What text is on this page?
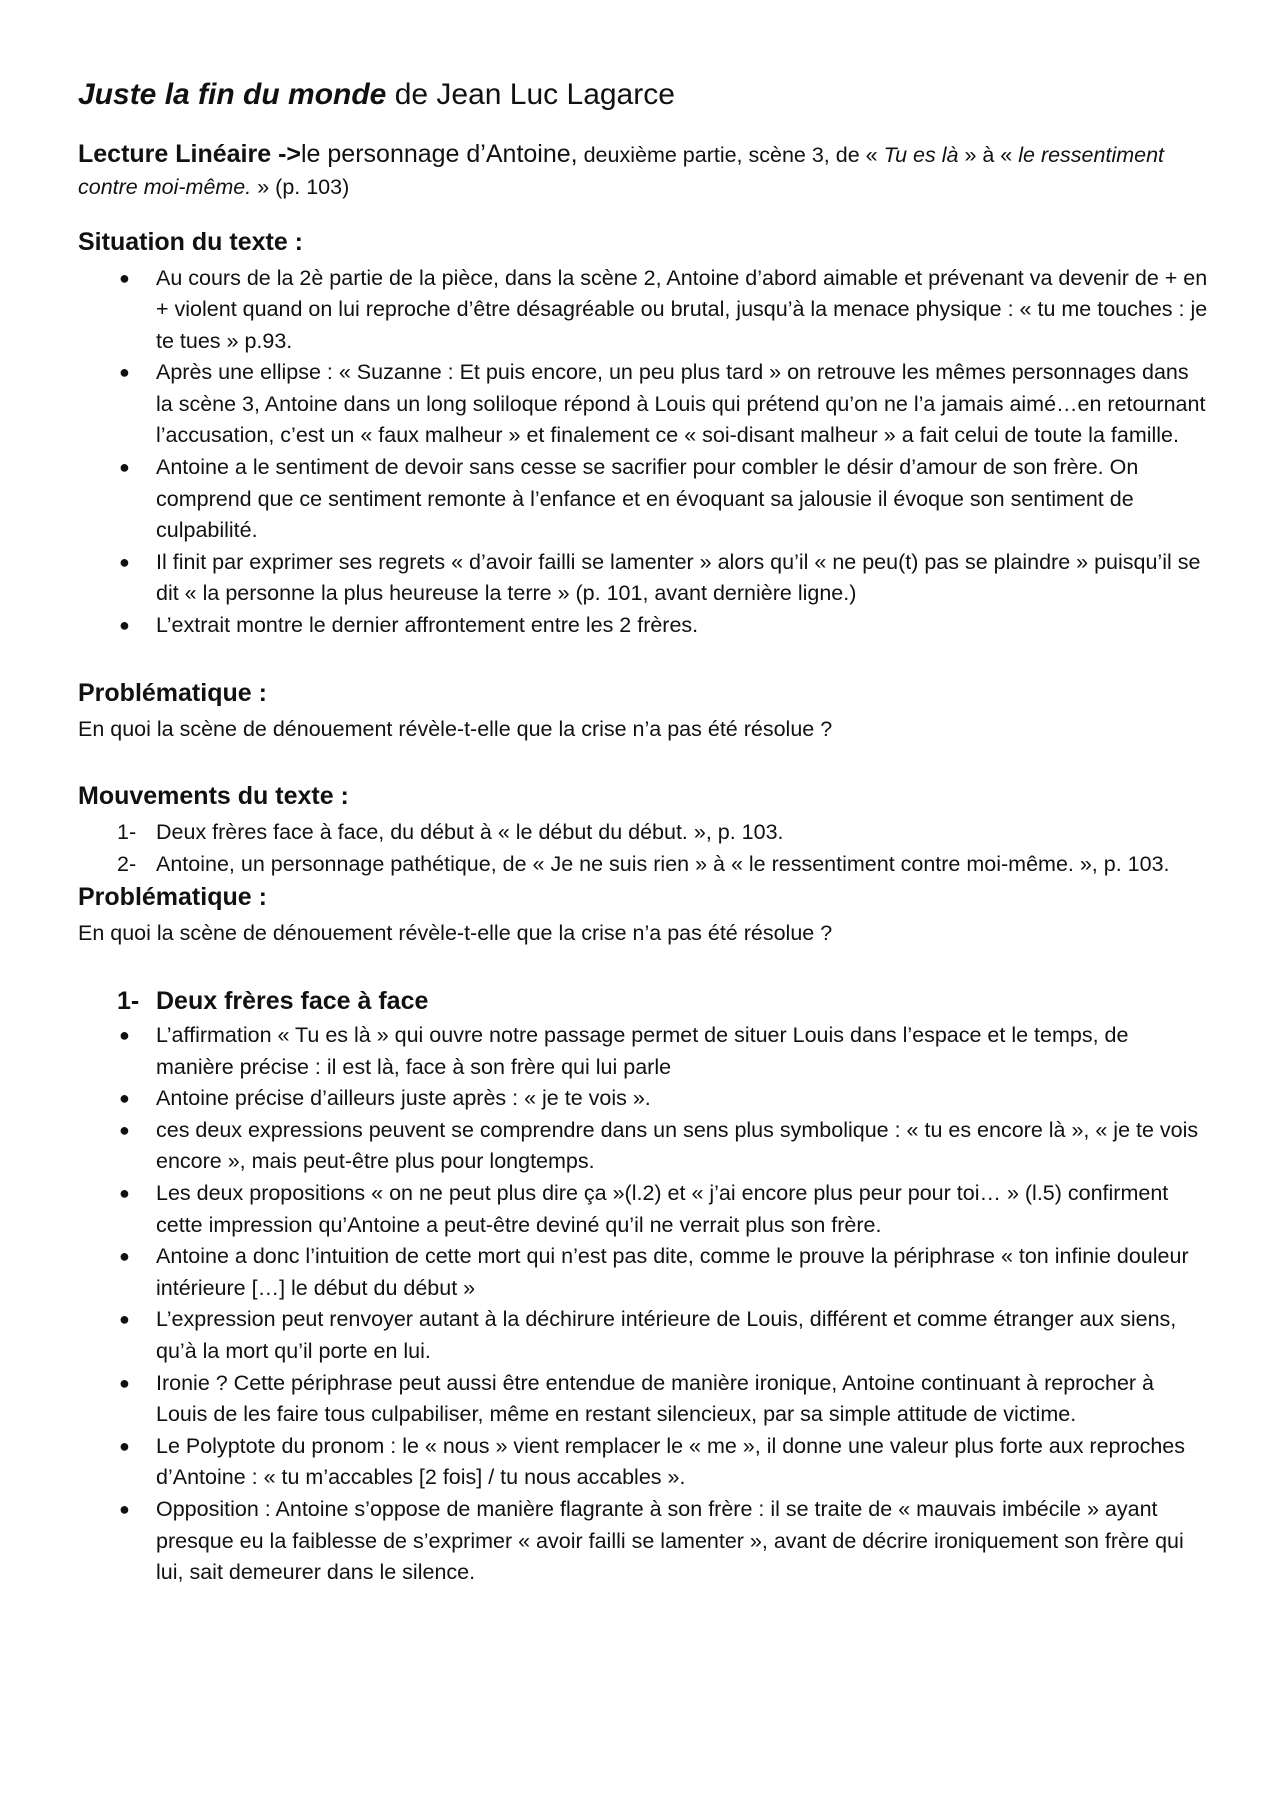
Juste la fin du monde de Jean Luc Lagarce

Lecture Linéaire ->le personnage d’Antoine, deuxième partie, scène 3, de « Tu es là » à « le ressentiment contre moi-même. » (p. 103)

Situation du texte :
● Au cours de la 2è partie de la pièce, dans la scène 2, Antoine d’abord aimable et prévenant va devenir de + en + violent quand on lui reproche d’être désagréable ou brutal, jusqu’à la menace physique : « tu me touches : je te tues » p.93.
● Après une ellipse : « Suzanne : Et puis encore, un peu plus tard » on retrouve les mêmes personnages dans la scène 3, Antoine dans un long soliloque répond à Louis qui prétend qu’on ne l’a jamais aimé…en retournant l’accusation, c’est un « faux malheur » et finalement ce « soi-disant malheur » a fait celui de toute la famille.
● Antoine a le sentiment de devoir sans cesse se sacrifier pour combler le désir d’amour de son frère. On comprend que ce sentiment remonte à l’enfance et en évoquant sa jalousie il évoque son sentiment de culpabilité.
● Il finit par exprimer ses regrets « d’avoir failli se lamenter » alors qu’il « ne peu(t) pas se plaindre » puisqu’il se dit « la personne la plus heureuse la terre » (p. 101, avant dernière ligne.)
● L’extrait montre le dernier affrontement entre les 2 frères.
Problématique :

En quoi la scène de dénouement révèle-t-elle que la crise n’a pas été résolue ?

Mouvements du texte :
1- Deux frères face à face, du début à « le début du début. », p. 103.
2- Antoine, un personnage pathétique, de « Je ne suis rien » à « le ressentiment contre moi-même. », p. 103.
Problématique :

En quoi la scène de dénouement révèle-t-elle que la crise n’a pas été résolue ?

1- Deux frères face à face
● L’affirmation « Tu es là » qui ouvre notre passage permet de situer Louis dans l’espace et le temps, de manière précise : il est là, face à son frère qui lui parle
● Antoine précise d’ailleurs juste après : « je te vois ».
● ces deux expressions peuvent se comprendre dans un sens plus symbolique : « tu es encore là », « je te vois encore », mais peut-être plus pour longtemps.
● Les deux propositions « on ne peut plus dire ça »(l.2) et « j’ai encore plus peur pour toi… » (l.5) confirment cette impression qu’Antoine a peut-être deviné qu’il ne verrait plus son frère.
● Antoine a donc l’intuition de cette mort qui n’est pas dite, comme le prouve la périphrase « ton infinie douleur intérieure […] le début du début »
● L’expression peut renvoyer autant à la déchirure intérieure de Louis, différent et comme étranger aux siens, qu’à la mort qu’il porte en lui.
● Ironie ? Cette périphrase peut aussi être entendue de manière ironique, Antoine continuant à reprocher à Louis de les faire tous culpabiliser, même en restant silencieux, par sa simple attitude de victime.
● Le Polyptote du pronom : le « nous » vient remplacer le « me », il donne une valeur plus forte aux reproches d’Antoine : « tu m’accables [2 fois] / tu nous accables ».
● Opposition : Antoine s’oppose de manière flagrante à son frère : il se traite de « mauvais imbécile » ayant presque eu la faiblesse de s’exprimer « avoir failli se lamenter », avant de décrire ironiquement son frère qui lui, sait demeurer dans le silence.
